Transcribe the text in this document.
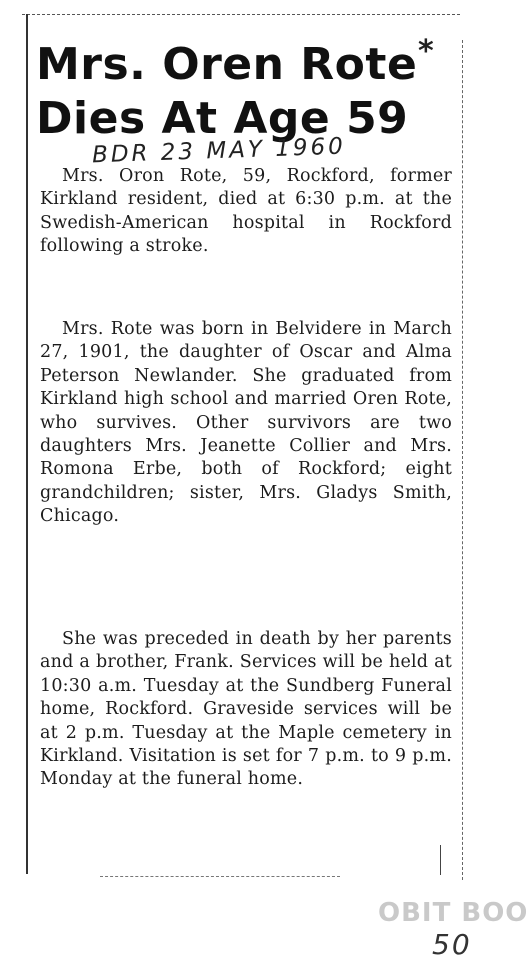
Mrs. Oren Rote
Dies At Age 59
*
BDR 23 MAY 1960

Mrs. Oron Rote, 59, Rockford, former Kirkland resident, died at 6:30 p.m. at the Swedish-American hospital in Rockford following a stroke.

Mrs. Rote was born in Belvidere in March 27, 1901, the daughter of Oscar and Alma Peterson Newlander. She graduated from Kirkland high school and married Oren Rote, who survives. Other survivors are two daughters Mrs. Jeanette Collier and Mrs. Romona Erbe, both of Rockford; eight grandchildren; sister, Mrs. Gladys Smith, Chicago.

She was preceded in death by her parents and a brother, Frank. Services will be held at 10:30 a.m. Tuesday at the Sundberg Funeral home, Rockford. Graveside services will be at 2 p.m. Tuesday at the Maple cemetery in Kirkland. Visitation is set for 7 p.m. to 9 p.m. Monday at the funeral home.

OBIT BOO
50
